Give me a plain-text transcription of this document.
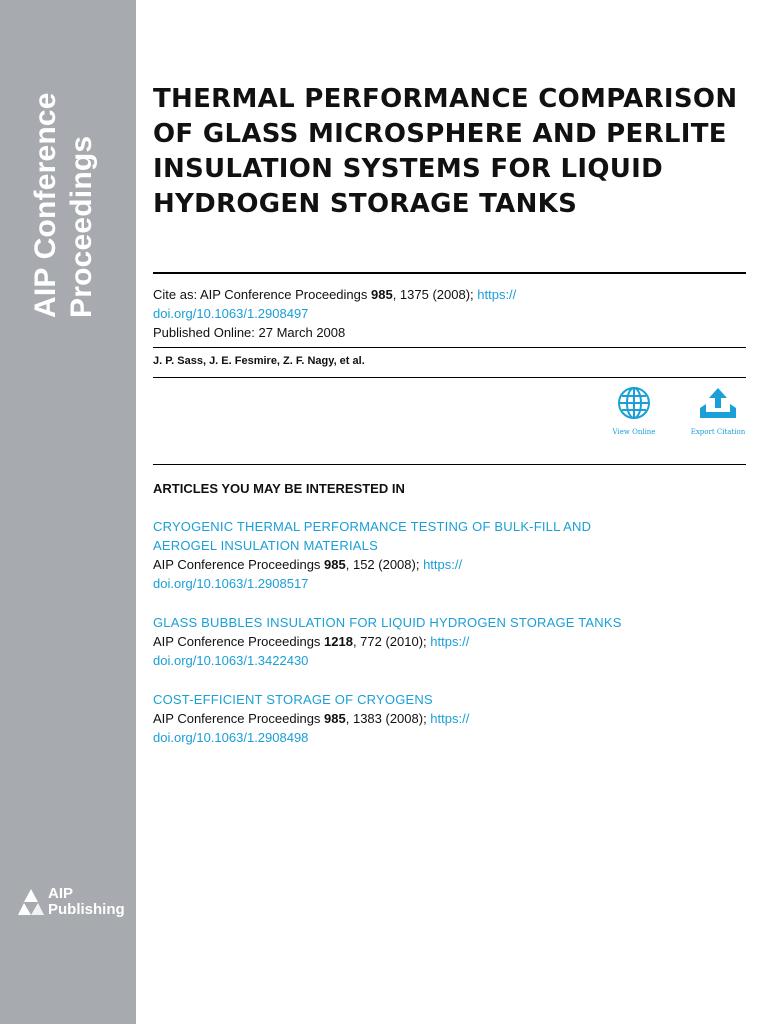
AIP Conference Proceedings
AIP
Publishing
THERMAL PERFORMANCE COMPARISON OF GLASS MICROSPHERE AND PERLITE INSULATION SYSTEMS FOR LIQUID HYDROGEN STORAGE TANKS
Cite as: AIP Conference Proceedings 985, 1375 (2008); https://
doi.org/10.1063/1.2908497
Published Online: 27 March 2008
J. P. Sass, J. E. Fesmire, Z. F. Nagy, et al.
View Online	Export Citation
ARTICLES YOU MAY BE INTERESTED IN
CRYOGENIC THERMAL PERFORMANCE TESTING OF BULK-FILL AND
AEROGEL INSULATION MATERIALS
AIP Conference Proceedings 985, 152 (2008); https://
doi.org/10.1063/1.2908517
GLASS BUBBLES INSULATION FOR LIQUID HYDROGEN STORAGE TANKS
AIP Conference Proceedings 1218, 772 (2010); https://
doi.org/10.1063/1.3422430
COST-EFFICIENT STORAGE OF CRYOGENS
AIP Conference Proceedings 985, 1383 (2008); https://
doi.org/10.1063/1.2908498
